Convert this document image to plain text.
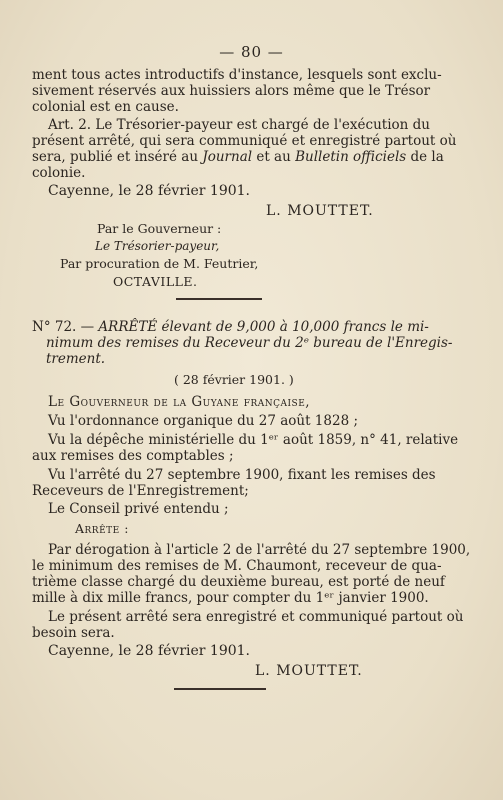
— 80 —
ment tous actes introductifs d'instance, lesquels sont exclu-
sivement réservés aux huissiers alors même que le Trésor
colonial est en cause.
Art. 2. Le Trésorier-payeur est chargé de l'exécution du
présent arrêté, qui sera communiqué et enregistré partout où
sera, publié et inséré au Journal et au Bulletin officiels de la
colonie.
Cayenne, le 28 février 1901.
L. MOUTTET.
Par le Gouverneur :
Le Trésorier-payeur,
Par procuration de M. Feutrier,
OCTAVILLE.
N° 72. — ARRÊTÉ élevant de 9,000 à 10,000 francs le mi-
nimum des remises du Receveur du 2ᵉ bureau de l'Enregis-
trement.
( 28 février 1901. )
Le Gouverneur de la Guyane française,
Vu l'ordonnance organique du 27 août 1828 ;
Vu la dépêche ministérielle du 1ᵉʳ août 1859, n° 41, relative
aux remises des comptables ;
Vu l'arrêté du 27 septembre 1900, fixant les remises des
Receveurs de l'Enregistrement;
Le Conseil privé entendu ;
Arrête :
Par dérogation à l'article 2 de l'arrêté du 27 septembre 1900,
le minimum des remises de M. Chaumont, receveur de qua-
trième classe chargé du deuxième bureau, est porté de neuf
mille à dix mille francs, pour compter du 1ᵉʳ janvier 1900.
Le présent arrêté sera enregistré et communiqué partout où
besoin sera.
Cayenne, le 28 février 1901.
L. MOUTTET.
